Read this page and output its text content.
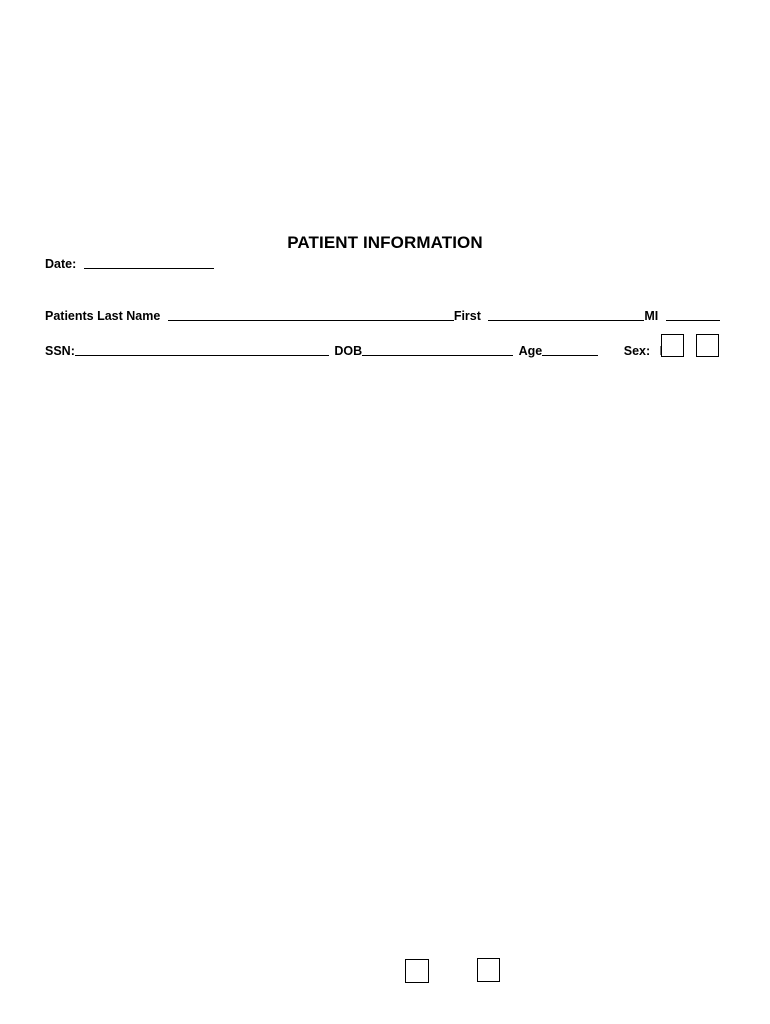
PATIENT INFORMATION
Date:
Patients Last Name	First	MI
SSN:	DOB	Age	Sex:
